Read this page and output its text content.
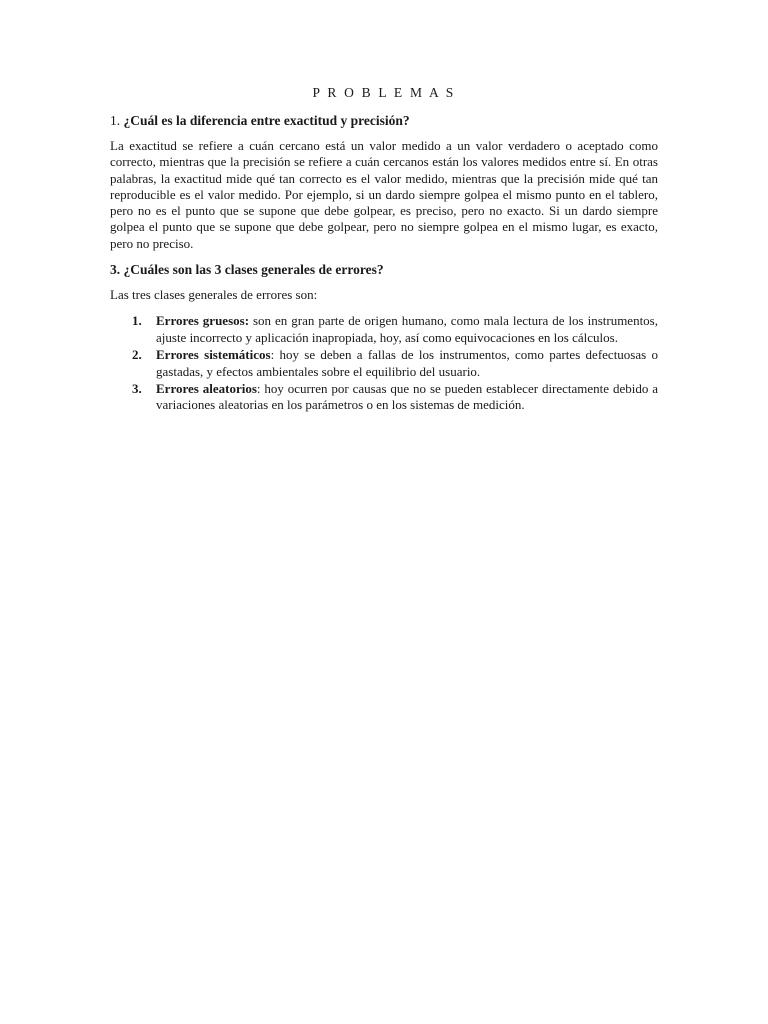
P R O B L E M A S
1. ¿Cuál es la diferencia entre exactitud y precisión?

La exactitud se refiere a cuán cercano está un valor medido a un valor verdadero o aceptado como correcto, mientras que la precisión se refiere a cuán cercanos están los valores medidos entre sí. En otras palabras, la exactitud mide qué tan correcto es el valor medido, mientras que la precisión mide qué tan reproducible es el valor medido. Por ejemplo, si un dardo siempre golpea el mismo punto en el tablero, pero no es el punto que se supone que debe golpear, es preciso, pero no exacto. Si un dardo siempre golpea el punto que se supone que debe golpear, pero no siempre golpea en el mismo lugar, es exacto, pero no preciso.

3. ¿Cuáles son las 3 clases generales de errores?

Las tres clases generales de errores son:

1. Errores gruesos: son en gran parte de origen humano, como mala lectura de los instrumentos, ajuste incorrecto y aplicación inapropiada, hoy, así como equivocaciones en los cálculos.
2. Errores sistemáticos: hoy se deben a fallas de los instrumentos, como partes defectuosas o gastadas, y efectos ambientales sobre el equilibrio del usuario.
3. Errores aleatorios: hoy ocurren por causas que no se pueden establecer directamente debido a variaciones aleatorias en los parámetros o en los sistemas de medición.
